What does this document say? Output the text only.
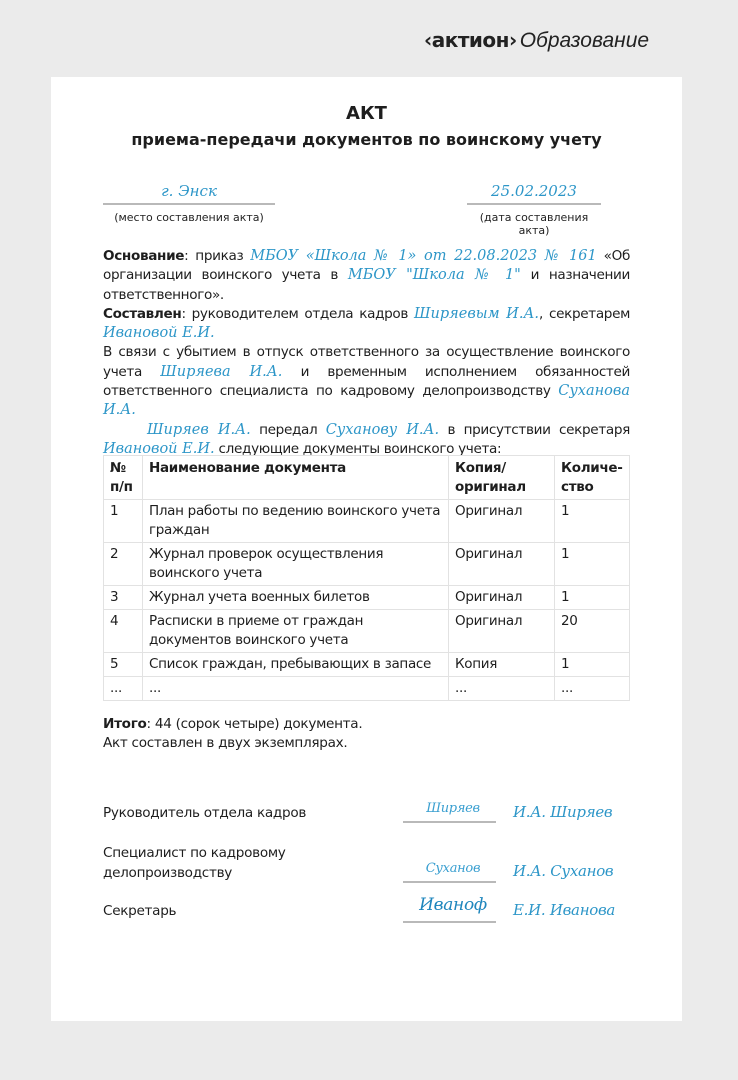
‹актион› Образование
АКТ
приема-передачи документов по воинскому учету
г. Энск
(место составления акта)
25.02.2023
(дата составления акта)

Основание: приказ МБОУ «Школа № 1» от 22.08.2023 № 161 «Об организации воинского учета в МБОУ "Школа № 1" и назначении ответственного».

Составлен: руководителем отдела кадров Ширяевым И.А., секретарем Ивановой Е.И.

В связи с убытием в отпуск ответственного за осуществление воинского учета Ширяева И.А. и временным исполнением обязанностей ответственного специалиста по кадровому делопроизводству Суханова И.А.

Ширяев И.А. передал Суханову И.А. в присутствии секретаря Ивановой Е.И. следующие документы воинского учета:

№ п/п	Наименование документа	Копия/ оригинал	Количе-ство
1	План работы по ведению воинского учета граждан	Оригинал	1
2	Журнал проверок осуществления воинского учета	Оригинал	1
3	Журнал учета военных билетов	Оригинал	1
4	Расписки в приеме от граждан документов воинского учета	Оригинал	20
5	Список граждан, пребывающих в запасе	Копия	1
...	...	...	...

Итого: 44 (сорок четыре) документа.

Акт составлен в двух экземплярах.

Руководитель отдела кадров	Ширяев	И.А. Ширяев
Специалист по кадровому делопроизводству	Суханов	И.А. Суханов
Секретарь	Иваноф	Е.И. Иванова
